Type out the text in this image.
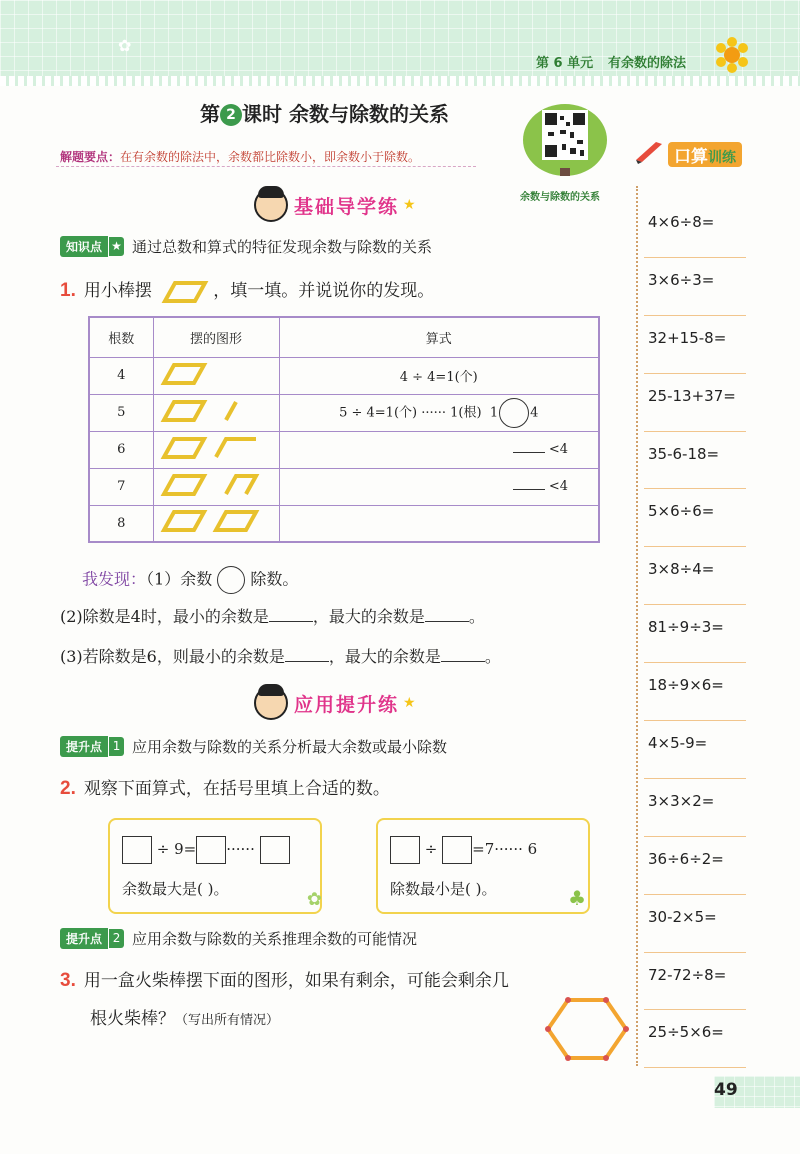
✿
第 6 单元 有余数的除法
第 2 课时 余数与除数的关系
解题要点：在有余数的除法中，余数都比除数小，即余数小于除数。
余数与除数的关系
基础导学练 ★
知识点 ★ 通过总数和算式的特征发现余数与除数的关系
1. 用小棒摆	，填一填。并说说你的发现。
根数	摆的图形	算式
4		4 ÷ 4=1(个)
5		5 ÷ 4=1(个) ······ 1(根) 1 4
6		<4
7		<4
8		
我发现：（1）余数 除数。
(2)除数是4时，最小的余数是	，最大的余数是	。
(3)若除数是6，则最小的余数是	，最大的余数是	。
应用提升练 ★
提升点 1 应用余数与除数的关系分析最大余数或最小除数
2. 观察下面算式，在括号里填上合适的数。
÷ 9= ······
余数最大是( )。	✿
÷ =7······ 6
除数最小是( )。	♣
提升点 2 应用余数与除数的关系推理余数的可能情况
3. 用一盒火柴棒摆下面的图形，如果有剩余，可能会剩余几
根火柴棒？（写出所有情况）
口算训练
4×6÷8=
3×6÷3=
32+15-8=
25-13+37=
35-6-18=
5×6÷6=
3×8÷4=
81÷9÷3=
18÷9×6=
4×5-9=
3×3×2=
36÷6÷2=
30-2×5=
72-72÷8=
25÷5×6=
49
